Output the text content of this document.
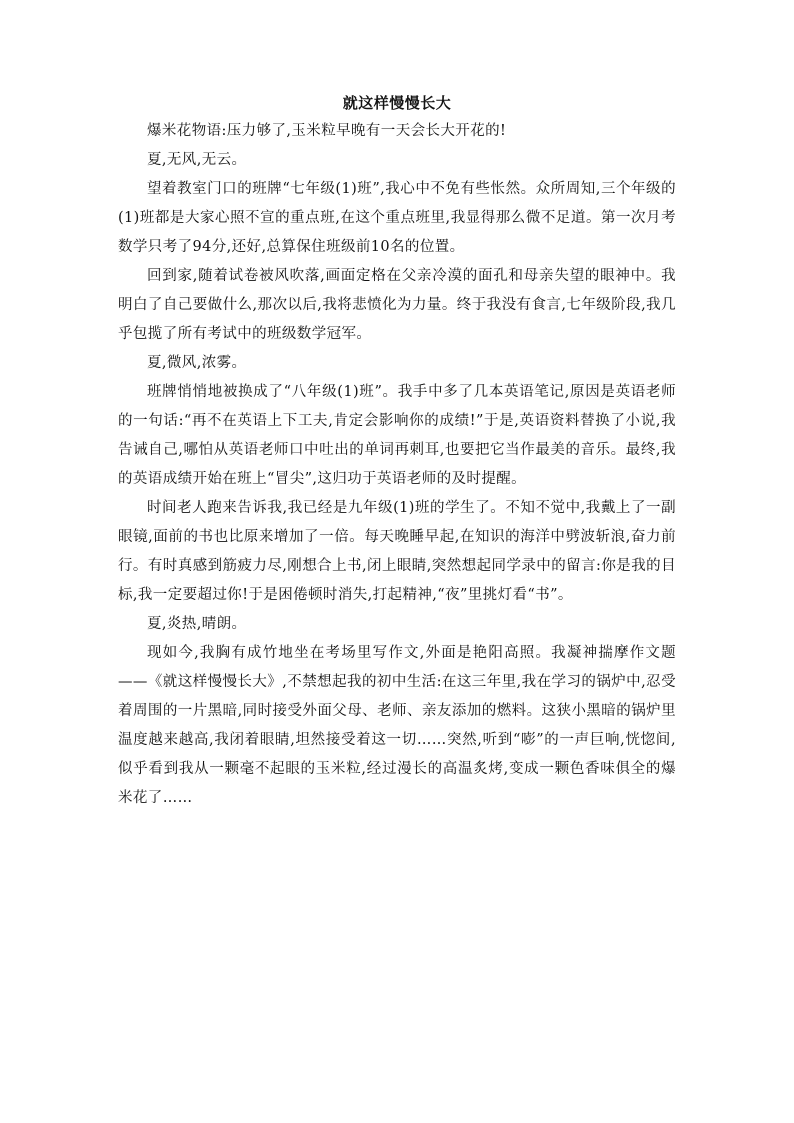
就这样慢慢长大

爆米花物语:压力够了,玉米粒早晚有一天会长大开花的!

夏,无风,无云。

望着教室门口的班牌“七年级(1)班”,我心中不免有些怅然。众所周知,三个年级的(1)班都是大家心照不宣的重点班,在这个重点班里,我显得那么微不足道。第一次月考数学只考了94分,还好,总算保住班级前10名的位置。

回到家,随着试卷被风吹落,画面定格在父亲冷漠的面孔和母亲失望的眼神中。我明白了自己要做什么,那次以后,我将悲愤化为力量。终于我没有食言,七年级阶段,我几乎包揽了所有考试中的班级数学冠军。

夏,微风,浓雾。

班牌悄悄地被换成了“八年级(1)班”。我手中多了几本英语笔记,原因是英语老师的一句话:“再不在英语上下工夫,肯定会影响你的成绩!”于是,英语资料替换了小说,我告诫自己,哪怕从英语老师口中吐出的单词再刺耳,也要把它当作最美的音乐。最终,我的英语成绩开始在班上“冒尖”,这归功于英语老师的及时提醒。

时间老人跑来告诉我,我已经是九年级(1)班的学生了。不知不觉中,我戴上了一副眼镜,面前的书也比原来增加了一倍。每天晚睡早起,在知识的海洋中劈波斩浪,奋力前行。有时真感到筋疲力尽,刚想合上书,闭上眼睛,突然想起同学录中的留言:你是我的目标,我一定要超过你!于是困倦顿时消失,打起精神,“夜”里挑灯看“书”。

夏,炎热,晴朗。

现如今,我胸有成竹地坐在考场里写作文,外面是艳阳高照。我凝神揣摩作文题——《就这样慢慢长大》,不禁想起我的初中生活:在这三年里,我在学习的锅炉中,忍受着周围的一片黑暗,同时接受外面父母、老师、亲友添加的燃料。这狭小黑暗的锅炉里温度越来越高,我闭着眼睛,坦然接受着这一切……突然,听到“嘭”的一声巨响,恍惚间,似乎看到我从一颗毫不起眼的玉米粒,经过漫长的高温炙烤,变成一颗色香味俱全的爆米花了……
